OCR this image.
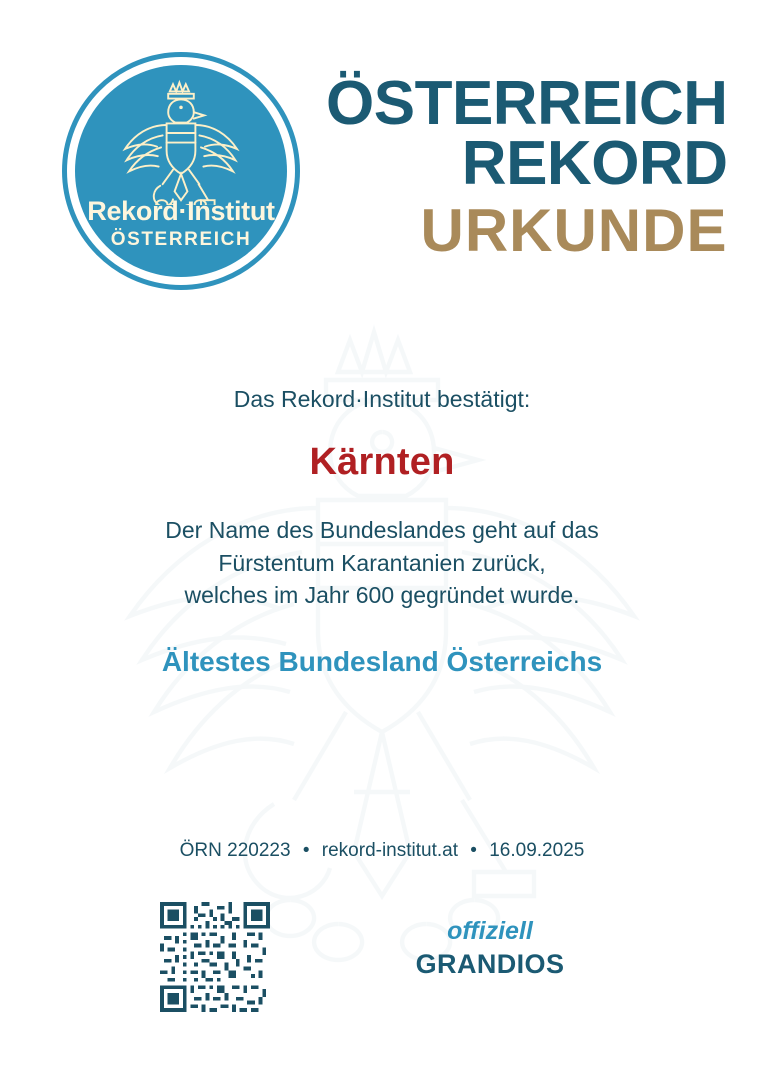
Rekord·Institut
ÖSTERREICH
ÖSTERREICH
REKORD
URKUNDE
Das Rekord·Institut bestätigt:
Kärnten
Der Name des Bundeslandes geht auf das
Fürstentum Karantanien zurück,
welches im Jahr 600 gegründet wurde.
Ältestes Bundesland Österreichs
ÖRN 220223 • rekord-institut.at • 16.09.2025
offiziell
GRANDIOS
